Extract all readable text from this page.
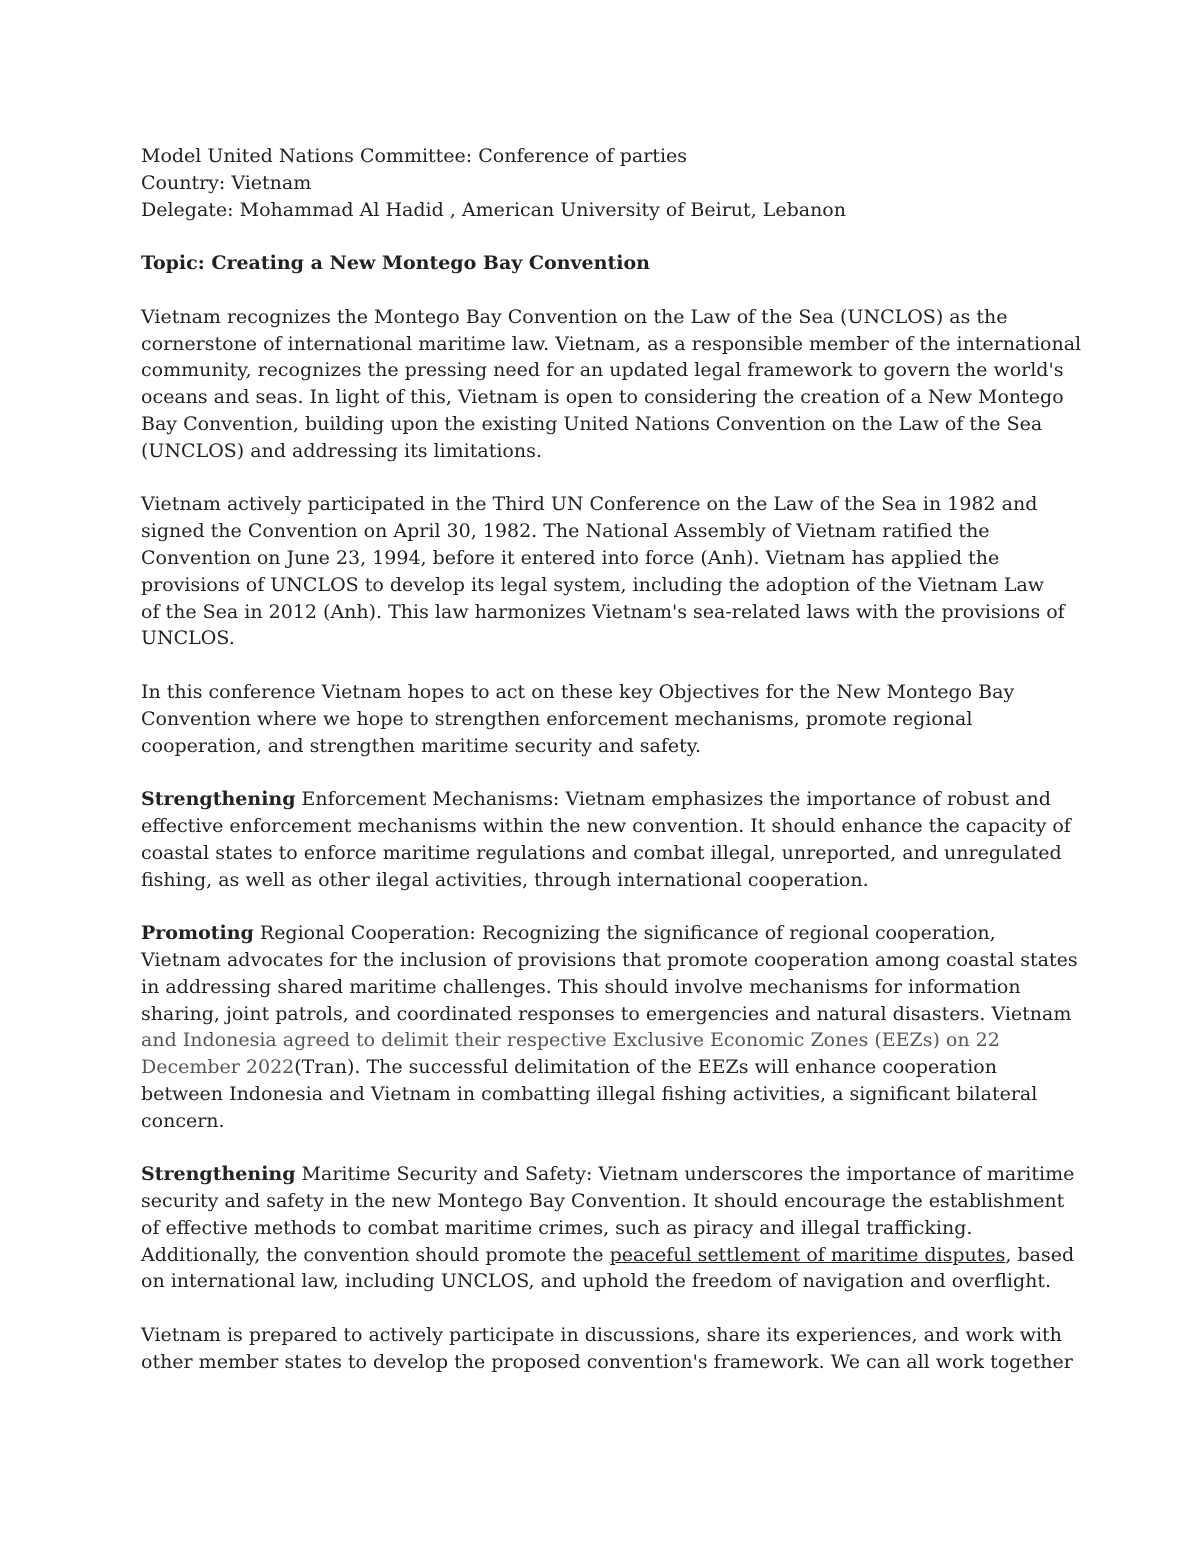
Model United Nations Committee: Conference of parties
Country: Vietnam
Delegate: Mohammad Al Hadid , American University of Beirut, Lebanon
Topic: Creating a New Montego Bay Convention
Vietnam recognizes the Montego Bay Convention on the Law of the Sea (UNCLOS) as the
cornerstone of international maritime law. Vietnam, as a responsible member of the international
community, recognizes the pressing need for an updated legal framework to govern the world's
oceans and seas. In light of this, Vietnam is open to considering the creation of a New Montego
Bay Convention, building upon the existing United Nations Convention on the Law of the Sea
(UNCLOS) and addressing its limitations.
Vietnam actively participated in the Third UN Conference on the Law of the Sea in 1982 and
signed the Convention on April 30, 1982. The National Assembly of Vietnam ratified the
Convention on June 23, 1994, before it entered into force (Anh). Vietnam has applied the
provisions of UNCLOS to develop its legal system, including the adoption of the Vietnam Law
of the Sea in 2012 (Anh). This law harmonizes Vietnam's sea-related laws with the provisions of
UNCLOS.
In this conference Vietnam hopes to act on these key Objectives for the New Montego Bay
Convention where we hope to strengthen enforcement mechanisms, promote regional
cooperation, and strengthen maritime security and safety.
Strengthening Enforcement Mechanisms: Vietnam emphasizes the importance of robust and
effective enforcement mechanisms within the new convention. It should enhance the capacity of
coastal states to enforce maritime regulations and combat illegal, unreported, and unregulated
fishing, as well as other ilegal activities, through international cooperation.
Promoting Regional Cooperation: Recognizing the significance of regional cooperation,
Vietnam advocates for the inclusion of provisions that promote cooperation among coastal states
in addressing shared maritime challenges. This should involve mechanisms for information
sharing, joint patrols, and coordinated responses to emergencies and natural disasters. Vietnam
and Indonesia agreed to delimit their respective Exclusive Economic Zones (EEZs) on 22
December 2022(Tran). The successful delimitation of the EEZs will enhance cooperation
between Indonesia and Vietnam in combatting illegal fishing activities, a significant bilateral
concern.
Strengthening Maritime Security and Safety: Vietnam underscores the importance of maritime
security and safety in the new Montego Bay Convention. It should encourage the establishment
of effective methods to combat maritime crimes, such as piracy and illegal trafficking.
Additionally, the convention should promote the peaceful settlement of maritime disputes, based
on international law, including UNCLOS, and uphold the freedom of navigation and overflight.
Vietnam is prepared to actively participate in discussions, share its experiences, and work with
other member states to develop the proposed convention's framework. We can all work together
